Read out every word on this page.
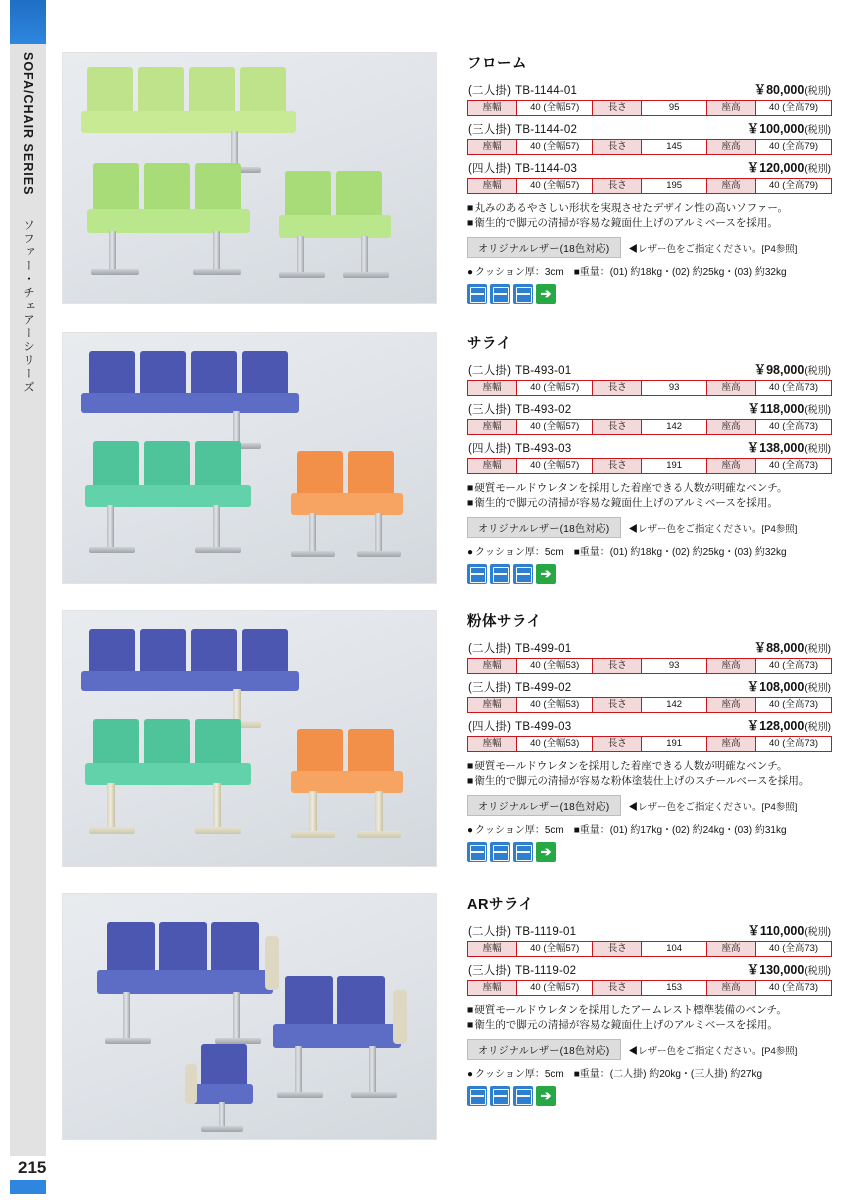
SOFA/CHAIR SERIES  ソファー・チェアーシリーズ
215
フローム
(二人掛) TB-1144-01	￥80,000(税別)
座幅	40 (全幅57)	長さ	95	座高	40 (全高79)
(三人掛) TB-1144-02	￥100,000(税別)
座幅	40 (全幅57)	長さ	145	座高	40 (全高79)
(四人掛) TB-1144-03	￥120,000(税別)
座幅	40 (全幅57)	長さ	195	座高	40 (全高79)
■丸みのあるやさしい形状を実現させたデザイン性の高いソファー。
■衛生的で脚元の清掃が容易な鏡面仕上げのアルミベースを採用。
オリジナルレザー(18色対応)	◀レザー色をご指定ください。[P4参照]
● クッション厚：3cm ■重量：(01) 約18kg・(02) 約25kg・(03) 約32kg
➔
サライ
(二人掛) TB-493-01	￥98,000(税別)
座幅	40 (全幅57)	長さ	93	座高	40 (全高73)
(三人掛) TB-493-02	￥118,000(税別)
座幅	40 (全幅57)	長さ	142	座高	40 (全高73)
(四人掛) TB-493-03	￥138,000(税別)
座幅	40 (全幅57)	長さ	191	座高	40 (全高73)
■硬質モールドウレタンを採用した着座できる人数が明確なベンチ。
■衛生的で脚元の清掃が容易な鏡面仕上げのアルミベースを採用。
オリジナルレザー(18色対応)	◀レザー色をご指定ください。[P4参照]
● クッション厚：5cm ■重量：(01) 約18kg・(02) 約25kg・(03) 約32kg
➔
粉体サライ
(二人掛) TB-499-01	￥88,000(税別)
座幅	40 (全幅53)	長さ	93	座高	40 (全高73)
(三人掛) TB-499-02	￥108,000(税別)
座幅	40 (全幅53)	長さ	142	座高	40 (全高73)
(四人掛) TB-499-03	￥128,000(税別)
座幅	40 (全幅53)	長さ	191	座高	40 (全高73)
■硬質モールドウレタンを採用した着座できる人数が明確なベンチ。
■衛生的で脚元の清掃が容易な粉体塗装仕上げのスチールベースを採用。
オリジナルレザー(18色対応)	◀レザー色をご指定ください。[P4参照]
● クッション厚：5cm ■重量：(01) 約17kg・(02) 約24kg・(03) 約31kg
➔
ARサライ
(二人掛) TB-1119-01	￥110,000(税別)
座幅	40 (全幅57)	長さ	104	座高	40 (全高73)
(三人掛) TB-1119-02	￥130,000(税別)
座幅	40 (全幅57)	長さ	153	座高	40 (全高73)
■硬質モールドウレタンを採用したアームレスト標準装備のベンチ。
■衛生的で脚元の清掃が容易な鏡面仕上げのアルミベースを採用。
オリジナルレザー(18色対応)	◀レザー色をご指定ください。[P4参照]
● クッション厚：5cm ■重量：(二人掛) 約20kg・(三人掛) 約27kg
➔
